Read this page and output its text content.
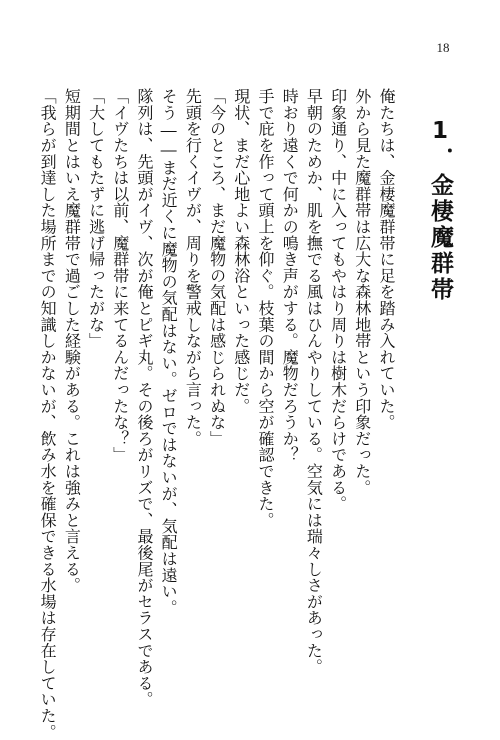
18
1．金棲魔群帯
俺たちは、金棲魔群帯に足を踏み入れていた。
外から見た魔群帯は広大な森林地帯という印象だった。
印象通り、中に入ってもやはり周りは樹木だらけである。
早朝のためか、肌を撫でる風はひんやりしている。空気には瑞々しさがあった。
時おり遠くで何かの鳴き声がする。魔物だろうか？
手で庇を作って頭上を仰ぐ。枝葉の間から空が確認できた。
現状、まだ心地よい森林浴といった感じだ。
「今のところ、まだ魔物の気配は感じられぬな」
先頭を行くイヴが、周りを警戒しながら言った。
そう――まだ近くに魔物の気配はない。ゼロではないが、気配は遠い。
隊列は、先頭がイヴ、次が俺とピギ丸。その後ろがリズで、最後尾がセラスである。
「イヴたちは以前、魔群帯に来てるんだったな？」
「大してもたずに逃げ帰ったがな」
短期間とはいえ魔群帯で過ごした経験がある。これは強みと言える。
「我らが到達した場所までの知識しかないが、飲み水を確保できる水場は存在していた。
